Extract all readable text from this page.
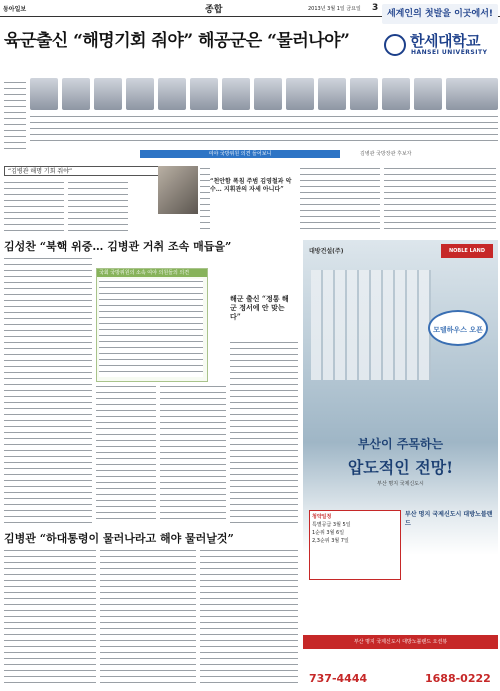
동아일보	종합	2013년 3월 1일 금요일 3
세계인의 첫발을 이곳에서!
한세대학교
HANSEI UNIVERSITY
육군출신 “해명기회 줘야” 해공군은 “물러나야”
여야 국방위원 의견 들어보니	김병관 국방장관 후보자
“김병관 해명 기회 줘야”
“천안함 폭침 주범 김영철과 악수… 지휘관의 자세 아니다”
김성찬 “북핵 위중… 김병관 거취 조속 매듭을”
국회 국방위원의 소속 여야 의원들의 의견
해군 출신 “정통 해군 정서에 안 맞는다”
김병관 “하대통령이 물러나라고 해야 물러날것”
대방건설(주)	NOBLE LAND
모델하우스 오픈
부산이 주목하는
압도적인 전망!
부산 명지 국제신도시
청약일정
특별공급 3월 5일
1순위 3월 6일
2,3순위 3월 7일
부산 명지 국제신도시 대방노블랜드
부산 명지 국제신도시 대방노블랜드 오션뷰
737-4444	1688-0222
